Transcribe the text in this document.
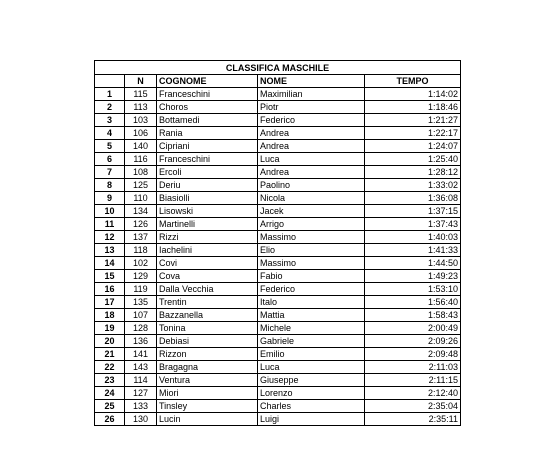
CLASSIFICA MASCHILE				
	N	COGNOME	NOME	TEMPO
1	115	Franceschini	Maximilian	1:14:02
2	113	Choros	Piotr	1:18:46
3	103	Bottamedi	Federico	1:21:27
4	106	Rania	Andrea	1:22:17
5	140	Cipriani	Andrea	1:24:07
6	116	Franceschini	Luca	1:25:40
7	108	Ercoli	Andrea	1:28:12
8	125	Deriu	Paolino	1:33:02
9	110	Biasiolli	Nicola	1:36:08
10	134	Lisowski	Jacek	1:37:15
11	126	Martinelli	Arrigo	1:37:43
12	137	Rizzi	Massimo	1:40:03
13	118	Iachelini	Elio	1:41:33
14	102	Covi	Massimo	1:44:50
15	129	Cova	Fabio	1:49:23
16	119	Dalla Vecchia	Federico	1:53:10
17	135	Trentin	Italo	1:56:40
18	107	Bazzanella	Mattia	1:58:43
19	128	Tonina	Michele	2:00:49
20	136	Debiasi	Gabriele	2:09:26
21	141	Rizzon	Emilio	2:09:48
22	143	Bragagna	Luca	2:11:03
23	114	Ventura	Giuseppe	2:11:15
24	127	Miori	Lorenzo	2:12:40
25	133	Tinsley	Charles	2:35:04
26	130	Lucin	Luigi	2:35:11
